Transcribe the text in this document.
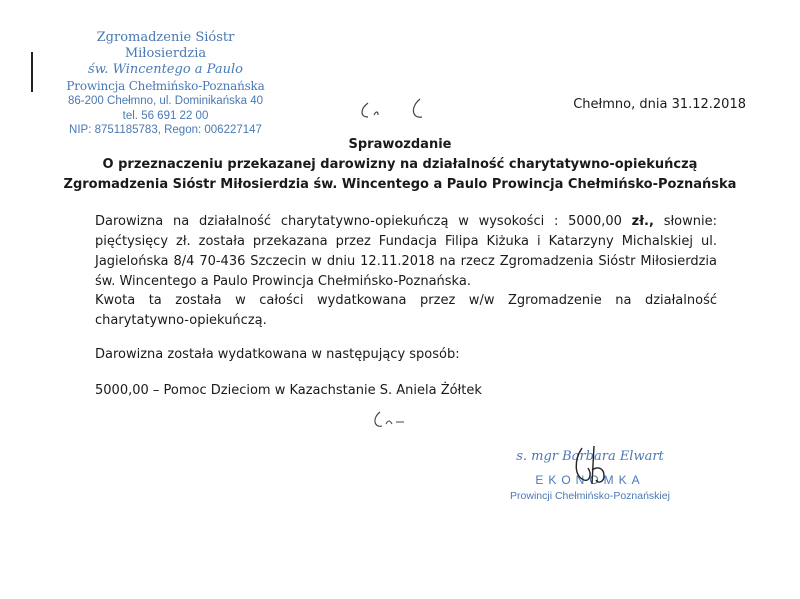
Zgromadzenie Sióstr Miłosierdzia
św. Wincentego a Paulo
Prowincja Chełmińsko-Poznańska
86-200 Chełmno, ul. Dominikańska 40
tel. 56 691 22 00
NIP: 8751185783, Regon: 006227147
Chełmno, dnia 31.12.2018
Sprawozdanie
O przeznaczeniu przekazanej darowizny na działalność charytatywno-opiekuńczą
Zgromadzenia Sióstr Miłosierdzia św. Wincentego a Paulo Prowincja Chełmińsko-Poznańska

Darowizna na działalność charytatywno-opiekuńczą w wysokości : 5000,00 zł., słownie: pięćtysięcy zł. została przekazana przez Fundacja Filipa Kiżuka i Katarzyny Michalskiej ul. Jagielońska 8/4 70-436 Szczecin w dniu 12.11.2018 na rzecz Zgromadzenia Sióstr Miłosierdzia św. Wincentego a Paulo Prowincja Chełmińsko-Poznańska.

Kwota ta została w całości wydatkowana przez w/w Zgromadzenie na działalność charytatywno-opiekuńczą.
Darowizna została wydatkowana w następujący sposób:
5000,00 – Pomoc Dzieciom w Kazachstanie S. Aniela Żółtek
s. mgr Barbara Elwart
EKONOMKA
Prowincji Chełmińsko-Poznańskiej
